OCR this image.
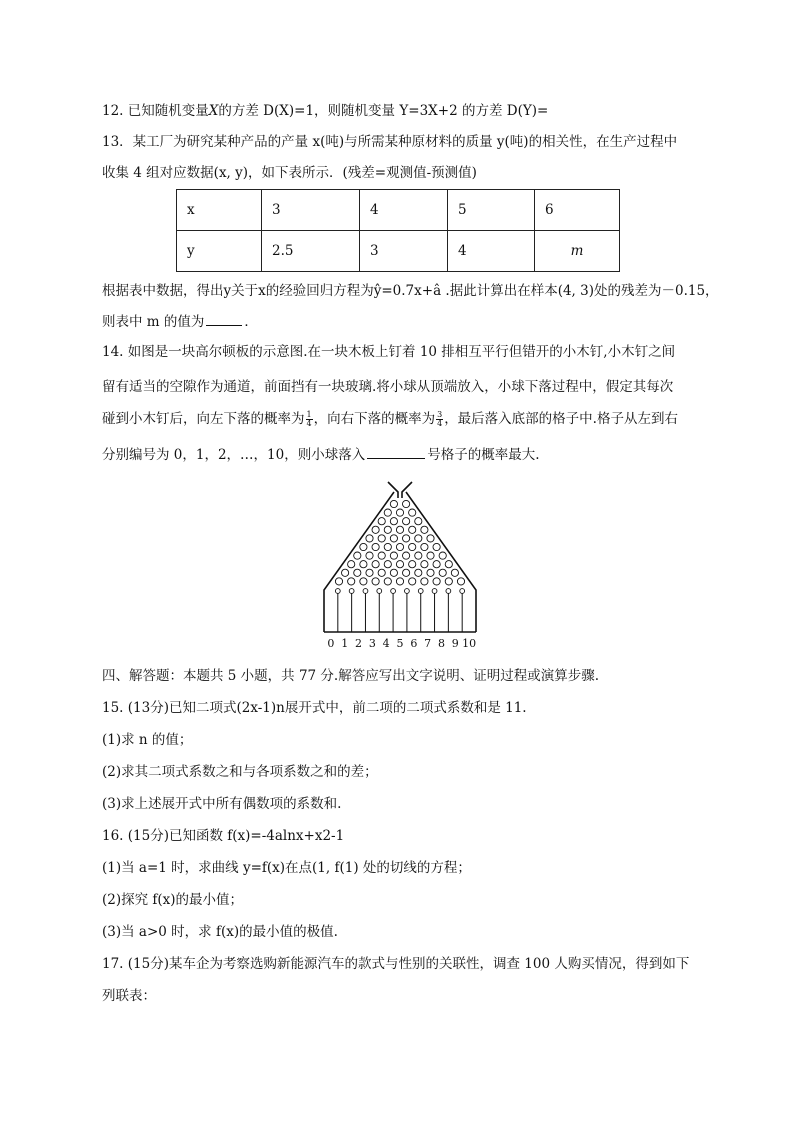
12. 已知随机变量X的方差 D(X)=1，则随机变量 Y=3X+2 的方差 D(Y)=
13．某工厂为研究某种产品的产量 x(吨)与所需某种原材料的质量 y(吨)的相关性，在生产过程中
收集 4 组对应数据(x, y)，如下表所示．(残差=观测值-预测值)
x	3	4	5	6
y	2.5	3	4	m
根据表中数据，得出y关于x的经验回归方程为ŷ=0.7x+â .据此计算出在样本(4, 3)处的残差为－0.15，
则表中 m 的值为	．
14. 如图是一块高尔顿板的示意图.在一块木板上钉着 10 排相互平行但错开的小木钉,小木钉之间
留有适当的空隙作为通道，前面挡有一块玻璃.将小球从顶端放入，小球下落过程中，假定其每次
碰到小木钉后，向左下落的概率为 $\frac{1}{4}$ ，向右下落的概率为 $\frac{3}{4}$ ，最后落入底部的格子中.格子从左到右
分别编号为 0，1，2，…，10，则小球落入	号格子的概率最大.
0 1 2 3 4 5 6 7 8 9 10
四、解答题：本题共 5 小题，共 77 分.解答应写出文字说明、证明过程或演算步骤.
15. (13分)已知二项式(2x-1)n展开式中，前二项的二项式系数和是 11.
(1)求 n 的值；
(2)求其二项式系数之和与各项系数之和的差；
(3)求上述展开式中所有偶数项的系数和.
16. (15分)已知函数 f(x)=-4alnx+x2-1
(1)当 a=1 时，求曲线 y=f(x)在点(1, f(1) 处的切线的方程；
(2)探究 f(x)的最小值；
(3)当 a>0 时，求 f(x)的最小值的极值.
17. (15分)某车企为考察选购新能源汽车的款式与性别的关联性，调查 100 人购买情况，得到如下
列联表：
